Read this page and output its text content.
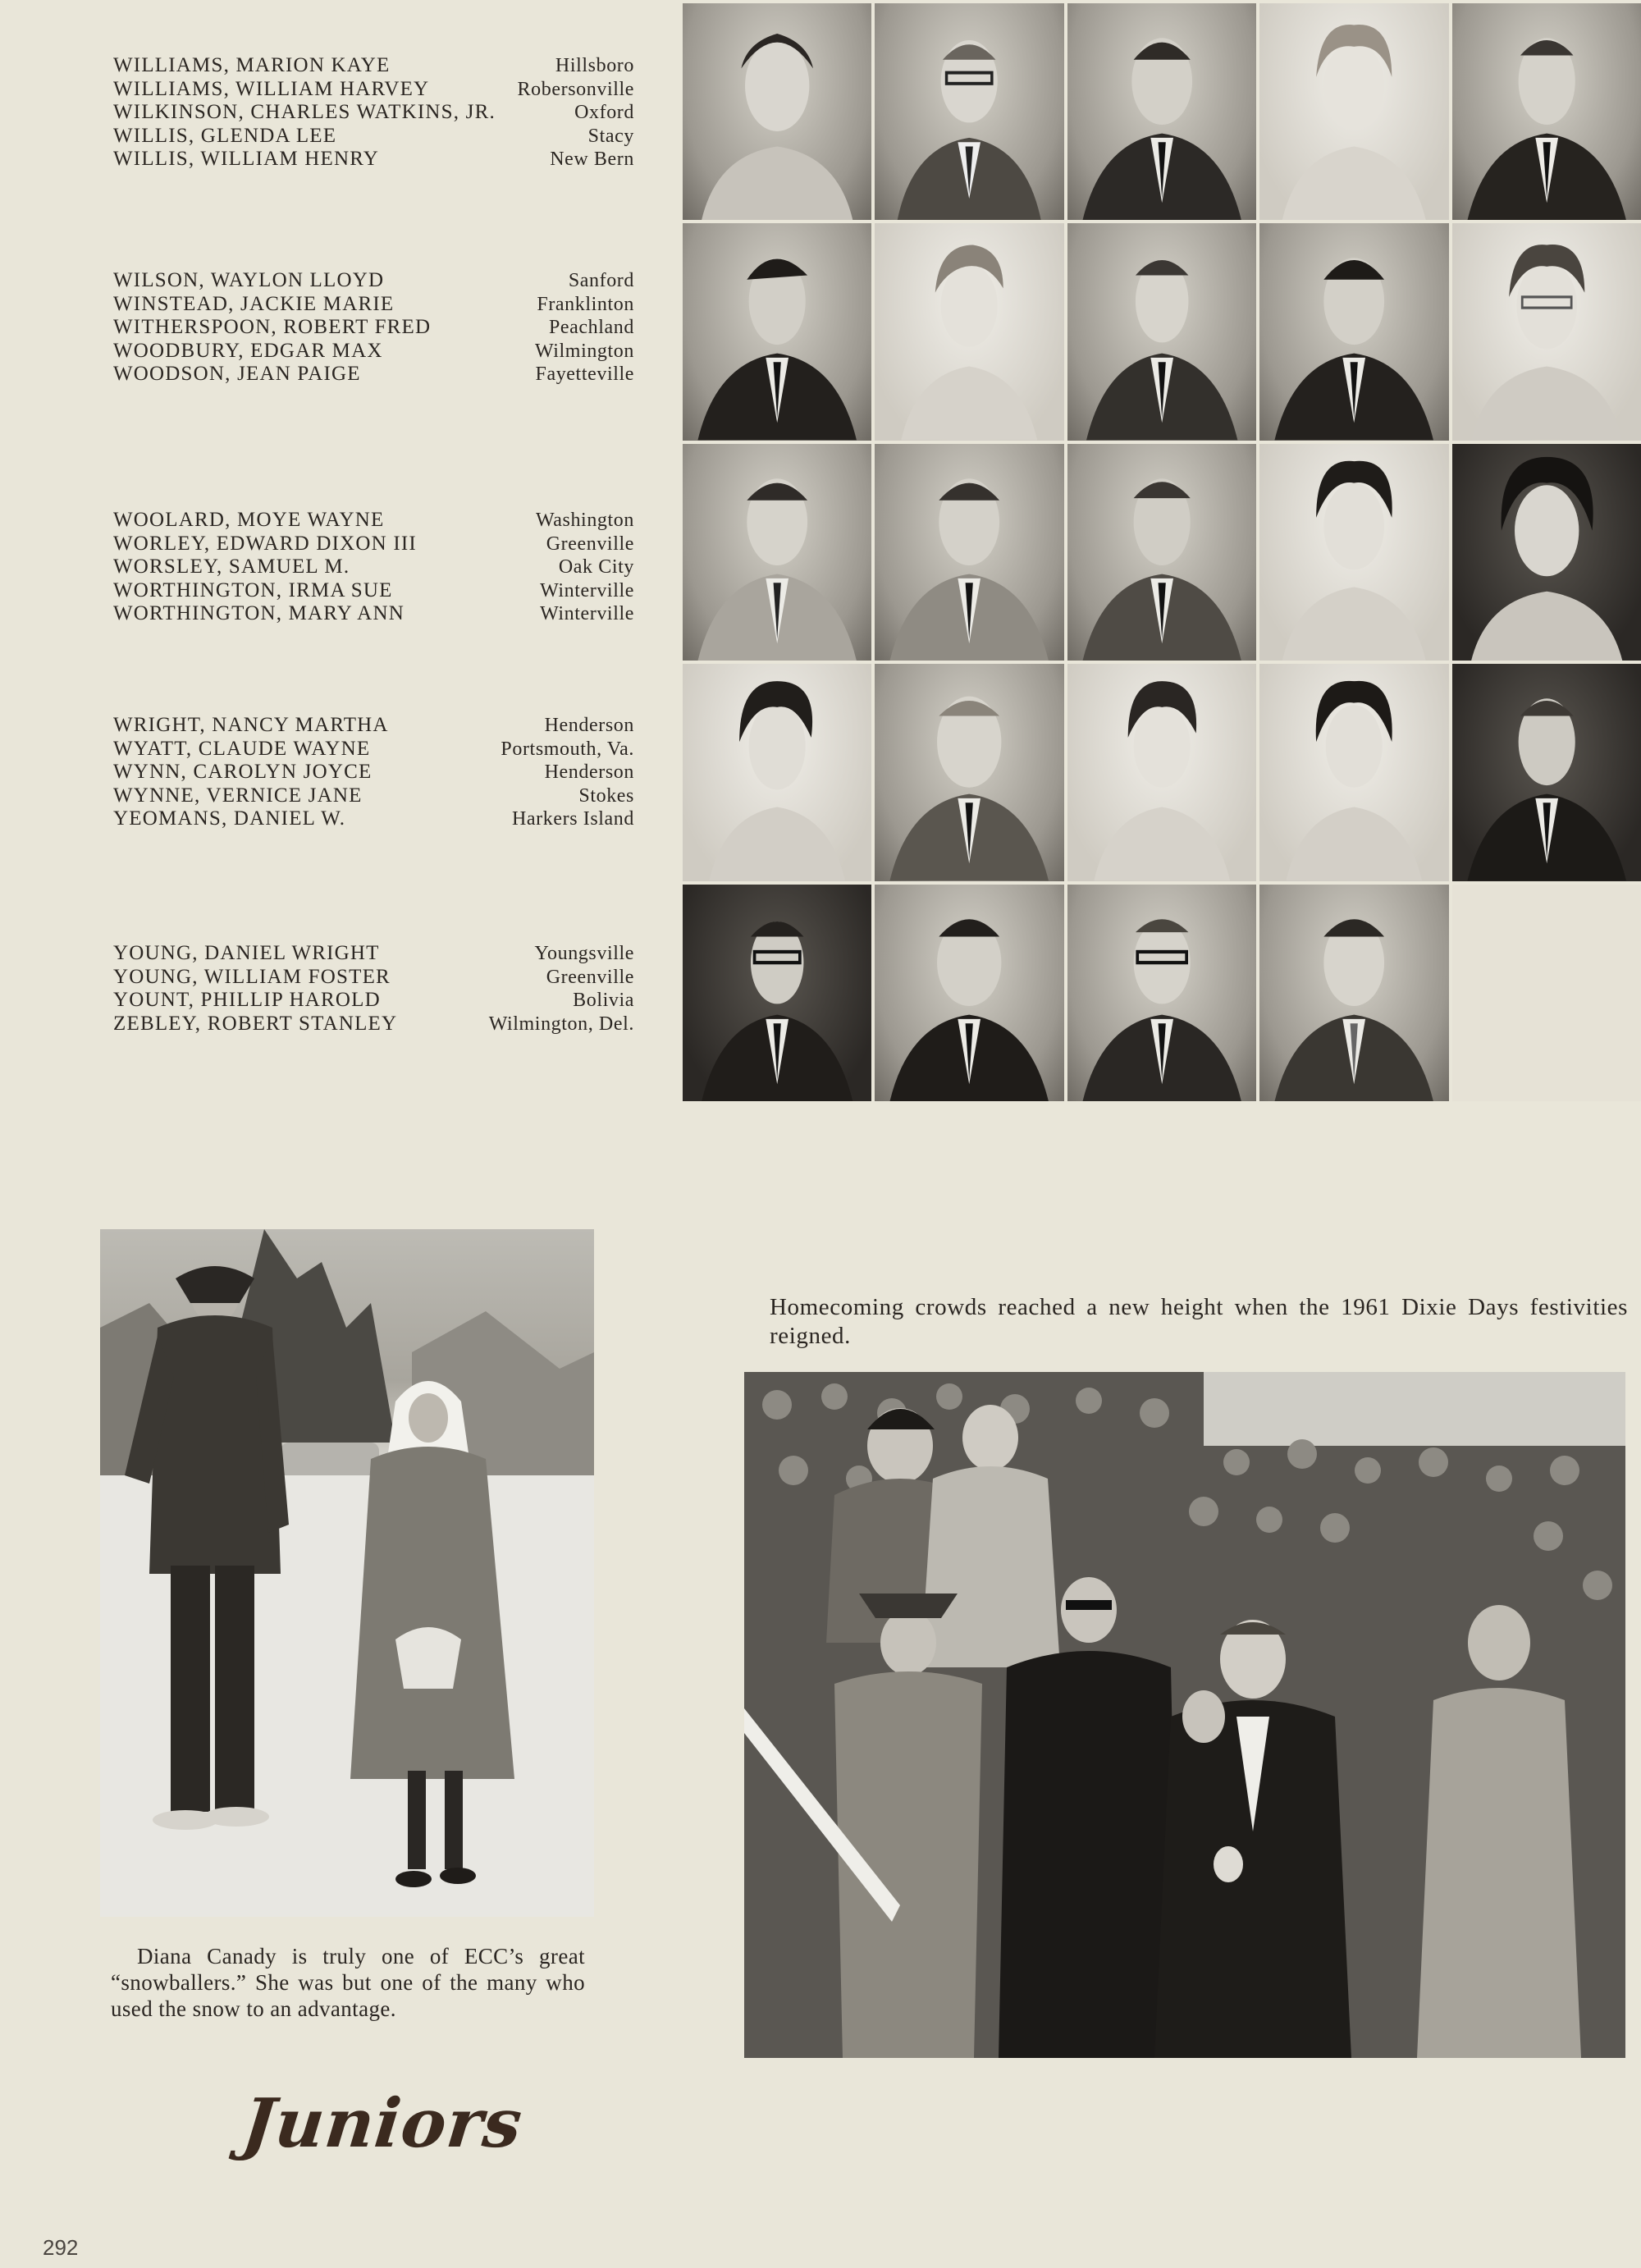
WILLIAMS, MARION KAYE	Hillsboro
WILLIAMS, WILLIAM HARVEY	Robersonville
WILKINSON, CHARLES WATKINS, JR.	Oxford
WILLIS, GLENDA LEE	Stacy
WILLIS, WILLIAM HENRY	New Bern
WILSON, WAYLON LLOYD	Sanford
WINSTEAD, JACKIE MARIE	Franklinton
WITHERSPOON, ROBERT FRED	Peachland
WOODBURY, EDGAR MAX	Wilmington
WOODSON, JEAN PAIGE	Fayetteville
WOOLARD, MOYE WAYNE	Washington
WORLEY, EDWARD DIXON III	Greenville
WORSLEY, SAMUEL M.	Oak City
WORTHINGTON, IRMA SUE	Winterville
WORTHINGTON, MARY ANN	Winterville
WRIGHT, NANCY MARTHA	Henderson
WYATT, CLAUDE WAYNE	Portsmouth, Va.
WYNN, CAROLYN JOYCE	Henderson
WYNNE, VERNICE JANE	Stokes
YEOMANS, DANIEL W.	Harkers Island
YOUNG, DANIEL WRIGHT	Youngsville
YOUNG, WILLIAM FOSTER	Greenville
YOUNT, PHILLIP HAROLD	Bolivia
ZEBLEY, ROBERT STANLEY	Wilmington, Del.
Diana Canady is truly one of ECC’s great “snowballers.” She was but one of the many who used the snow to an advantage.
Homecoming crowds reached a new height when the 1961 Dixie Days festivities reigned.
Juniors
292
